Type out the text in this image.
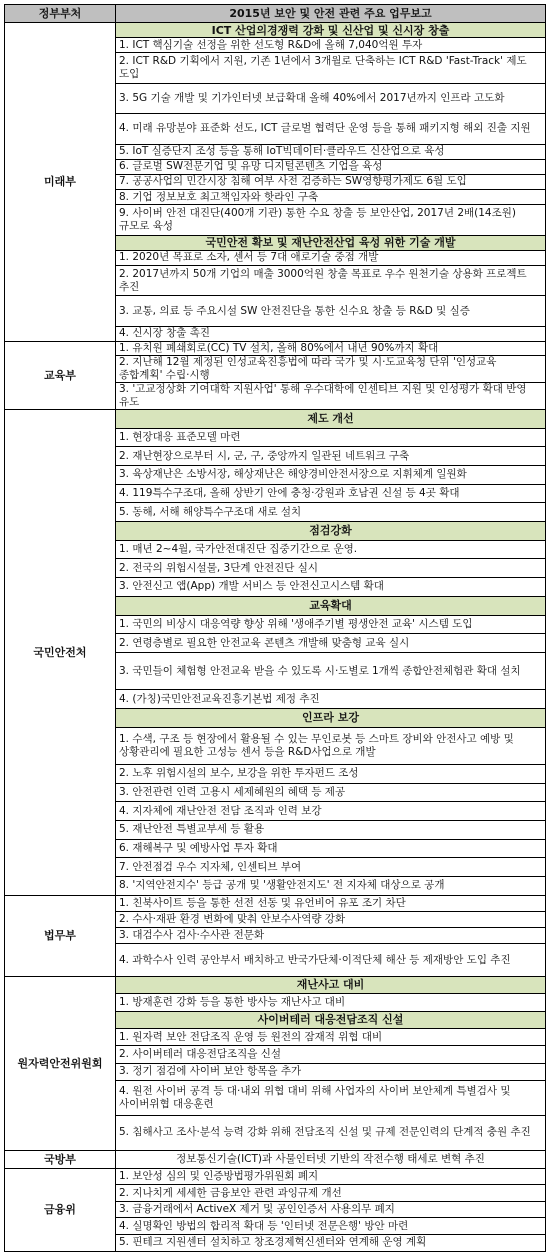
정부부처	2015년 보안 및 안전 관련 주요 업무보고
미래부	ICT 산업의경쟁력 강화 및 신산업 및 신시장 창출
	1. ICT 핵심기술 선정을 위한 선도형 R&D에 올해 7,040억원 투자
	2. ICT R&D 기획에서 지원, 기존 1년에서 3개월로 단축하는 ICT R&D 'Fast-Track' 제도 도입
	3. 5G 기술 개발 및 기가인터넷 보급확대 올해 40%에서 2017년까지 인프라 고도화
	4. 미래 유망분야 표준화 선도, ICT 글로벌 협력단 운영 등을 통해 패키지형 해외 진출 지원
	5. IoT 실증단지 조성 등을 통해 IoT빅데이터·클라우드 신산업으로 육성
	6. 글로벌 SW전문기업 및 유망 디지털콘텐츠 기업을 육성
	7. 공공사업의 민간시장 침해 여부 사전 검증하는 SW영향평가제도 6월 도입
	8. 기업 정보보호 최고책임자와 핫라인 구축
	9. 사이버 안전 대진단(400개 기관) 통한 수요 창출 등 보안산업, 2017년 2배(14조원) 규모로 육성
	국민안전 확보 및 재난안전산업 육성 위한 기술 개발
	1. 2020년 목표로 소자, 센서 등 7대 애로기술 중점 개발
	2. 2017년까지 50개 기업의 매출 3000억원 창출 목표로 우수 원천기술 상용화 프로젝트 추진
	3. 교통, 의료 등 주요시설 SW 안전진단을 통한 신수요 창출 등 R&D 및 실증
	4. 신시장 창출 촉진
교육부	1. 유치원 폐쇄회로(CC) TV 설치, 올해 80%에서 내년 90%까지 확대
	2. 지난해 12월 제정된 인성교육진흥법에 따라 국가 및 시·도교육청 단위 '인성교육 종합계획' 수립·시행
	3. '고교정상화 기여대학 지원사업' 통해 우수대학에 인센티브 지원 및 인성평가 확대 반영 유도
국민안전처	제도 개선
	1. 현장대응 표준모델 마련
	2. 재난현장으로부터 시, 군, 구, 중앙까지 일관된 네트워크 구축
	3. 육상재난은 소방서장, 해상재난은 해양경비안전서장으로 지휘체계 일원화
	4. 119특수구조대, 올해 상반기 안에 충청·강원과 호남권 신설 등 4곳 확대
	5. 동해, 서해 해양특수구조대 새로 설치
	점검강화
	1. 매년 2~4월, 국가안전대진단 집중기간으로 운영.
	2. 전국의 위험시설물, 3단계 안전진단 실시
	3. 안전신고 앱(App) 개발 서비스 등 안전신고시스템 확대
	교육확대
	1. 국민의 비상시 대응역량 향상 위해 '생애주기별 평생안전 교육' 시스템 도입
	2. 연령층별로 필요한 안전교육 콘텐츠 개발해 맞춤형 교육 실시
	3. 국민들이 체험형 안전교육 받을 수 있도록 시·도별로 1개씩 종합안전체험관 확대 설치
	4. (가칭)국민안전교육진흥기본법 제정 추진
	인프라 보강
	1. 수색, 구조 등 현장에서 활용될 수 있는 무인로봇 등 스마트 장비와 안전사고 예방 및 상황관리에 필요한 고성능 센서 등을 R&D사업으로 개발
	2. 노후 위험시설의 보수, 보강을 위한 투자펀드 조성
	3. 안전관련 인력 고용시 세제혜원의 혜택 등 제공
	4. 지자체에 재난안전 전담 조직과 인력 보강
	5. 재난안전 특별교부세 등 활용
	6. 재해복구 및 예방사업 투자 확대
	7. 안전점검 우수 지자체, 인센티브 부여
	8. '지역안전지수' 등급 공개 및 '생활안전지도' 전 지자체 대상으로 공개
법무부	1. 친북사이트 등을 통한 선전 선동 및 유언비어 유포 조기 차단
	2. 수사·재판 환경 변화에 맞춰 안보수사역량 강화
	3. 대검수사 검사·수사관 전문화
	4. 과학수사 인력 공안부서 배치하고 반국가단체·이적단체 해산 등 제재방안 도입 추진
원자력안전위원회	재난사고 대비
	1. 방재훈련 강화 등을 통한 방사능 재난사고 대비
	사이버테러 대응전담조직 신설
	1. 원자력 보안 전담조직 운영 등 원전의 잠재적 위협 대비
	2. 사이버테러 대응전담조직을 신설
	3. 정기 점검에 사이버 보안 항목을 추가
	4. 원전 사이버 공격 등 대·내외 위협 대비 위해 사업자의 사이버 보안체계 특별검사 및 사이버위협 대응훈련
	5. 침해사고 조사·분석 능력 강화 위해 전담조직 신설 및 규제 전문인력의 단계적 충원 추진
국방부	정보통신기술(ICT)과 사물인터넷 기반의 작전수행 태세로 변혁 추진
금융위	1. 보안성 심의 및 인증방법평가위원회 폐지
	2. 지나치게 세세한 금융보안 관련 과잉규제 개선
	3. 금융거래에서 ActiveX 제거 및 공인인증서 사용의무 폐지
	4. 실명확인 방법의 합리적 확대 등 '인터넷 전문은행' 방안 마련
	5. 핀테크 지원센터 설치하고 창조경제혁신센터와 연계해 운영 계획
